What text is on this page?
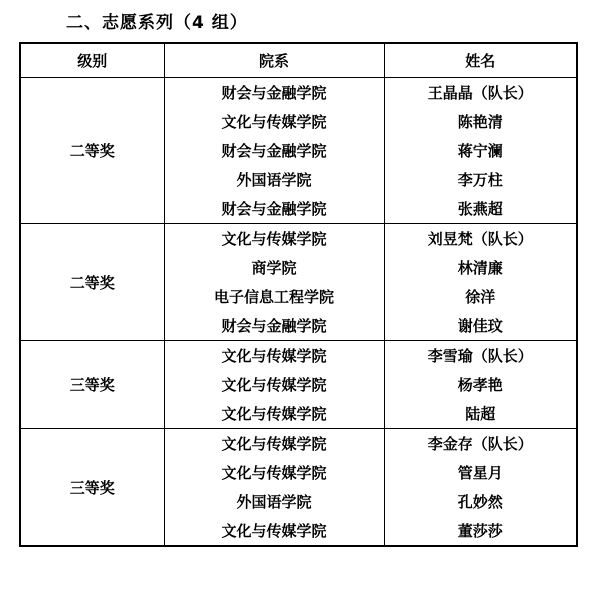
二、志愿系列（4 组）
级别	院系	姓名
二等奖	财会与金融学院	王晶晶（队长）
	文化与传媒学院	陈艳清
	财会与金融学院	蒋宁澜
	外国语学院	李万柱
	财会与金融学院	张燕超
二等奖	文化与传媒学院	刘昱梵（队长）
	商学院	林清廉
	电子信息工程学院	徐洋
	财会与金融学院	谢佳玟
三等奖	文化与传媒学院	李雪瑜（队长）
	文化与传媒学院	杨孝艳
	文化与传媒学院	陆超
三等奖	文化与传媒学院	李金存（队长）
	文化与传媒学院	管星月
	外国语学院	孔妙然
	文化与传媒学院	董莎莎
